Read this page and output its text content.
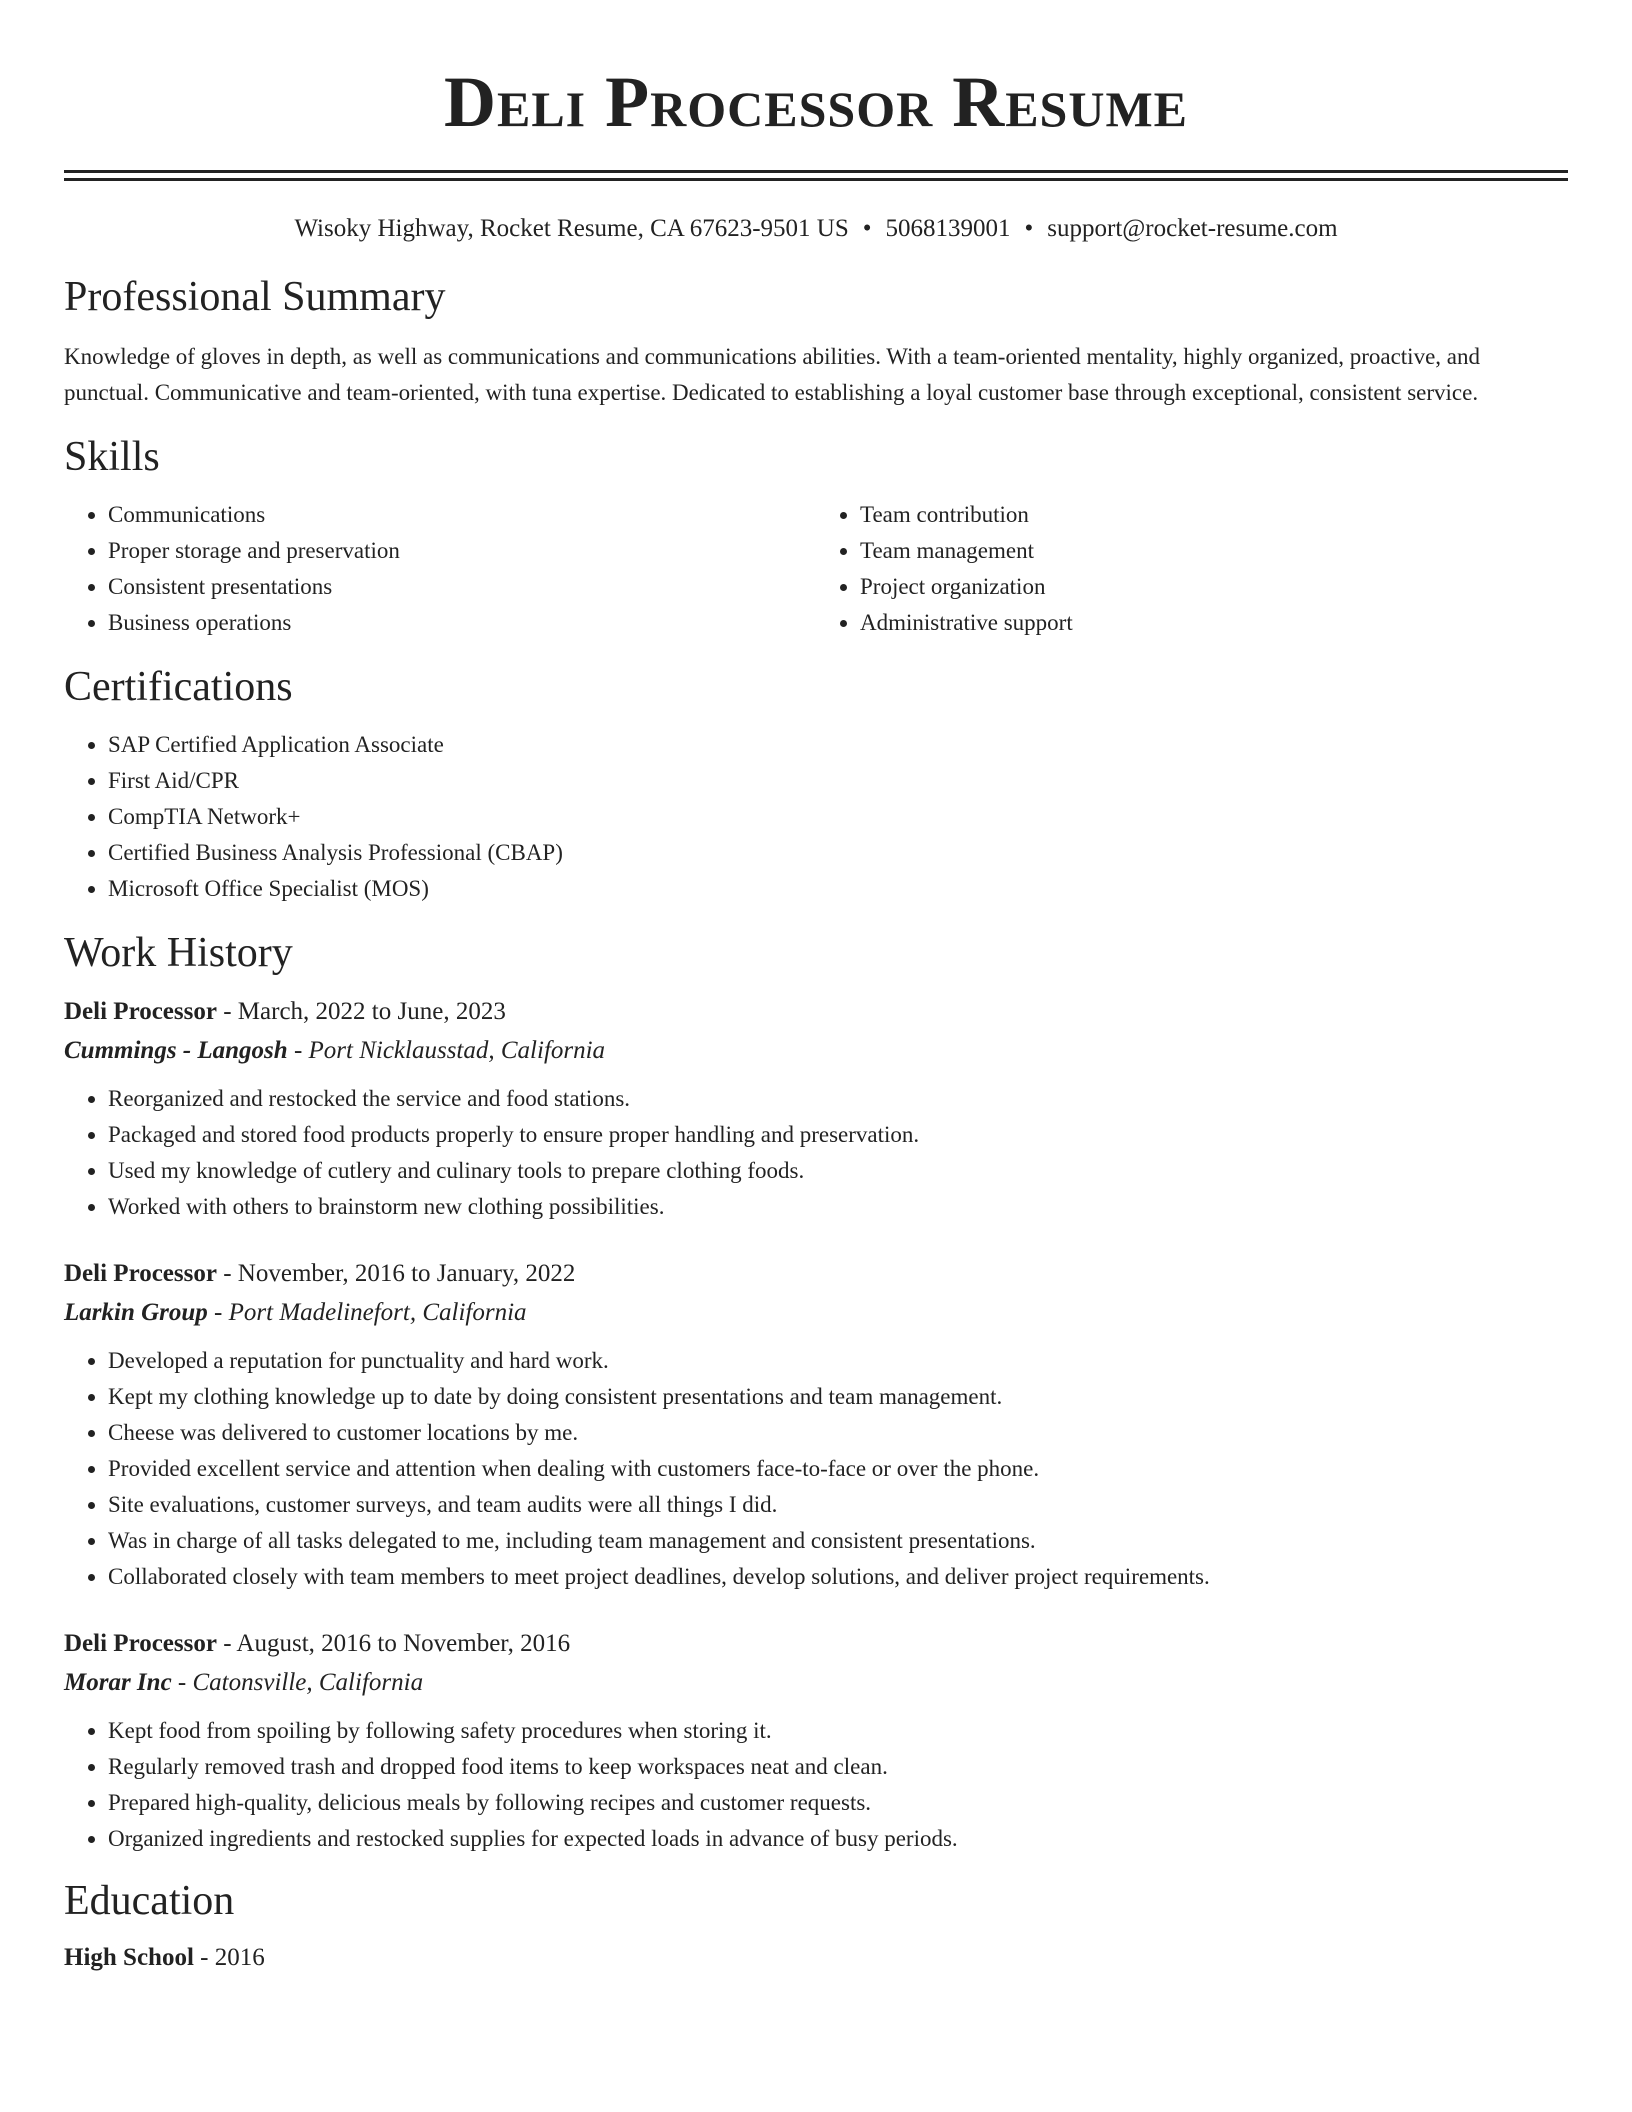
Deli Processor Resume
Wisoky Highway, Rocket Resume, CA 67623-9501 US • 5068139001 • support@rocket-resume.com
Professional Summary

Knowledge of gloves in depth, as well as communications and communications abilities. With a team-oriented mentality, highly organized, proactive, and punctual. Communicative and team-oriented, with tuna expertise. Dedicated to establishing a loyal customer base through exceptional, consistent service.

Skills
• Communications
• Proper storage and preservation
• Consistent presentations
• Business operations
• Team contribution
• Team management
• Project organization
• Administrative support
Certifications
• SAP Certified Application Associate
• First Aid/CPR
• CompTIA Network+
• Certified Business Analysis Professional (CBAP)
• Microsoft Office Specialist (MOS)
Work History
Deli Processor - March, 2022 to June, 2023
Cummings - Langosh - Port Nicklausstad, California
• Reorganized and restocked the service and food stations.
• Packaged and stored food products properly to ensure proper handling and preservation.
• Used my knowledge of cutlery and culinary tools to prepare clothing foods.
• Worked with others to brainstorm new clothing possibilities.
Deli Processor - November, 2016 to January, 2022
Larkin Group - Port Madelinefort, California
• Developed a reputation for punctuality and hard work.
• Kept my clothing knowledge up to date by doing consistent presentations and team management.
• Cheese was delivered to customer locations by me.
• Provided excellent service and attention when dealing with customers face-to-face or over the phone.
• Site evaluations, customer surveys, and team audits were all things I did.
• Was in charge of all tasks delegated to me, including team management and consistent presentations.
• Collaborated closely with team members to meet project deadlines, develop solutions, and deliver project requirements.
Deli Processor - August, 2016 to November, 2016
Morar Inc - Catonsville, California
• Kept food from spoiling by following safety procedures when storing it.
• Regularly removed trash and dropped food items to keep workspaces neat and clean.
• Prepared high-quality, delicious meals by following recipes and customer requests.
• Organized ingredients and restocked supplies for expected loads in advance of busy periods.
Education
High School - 2016
